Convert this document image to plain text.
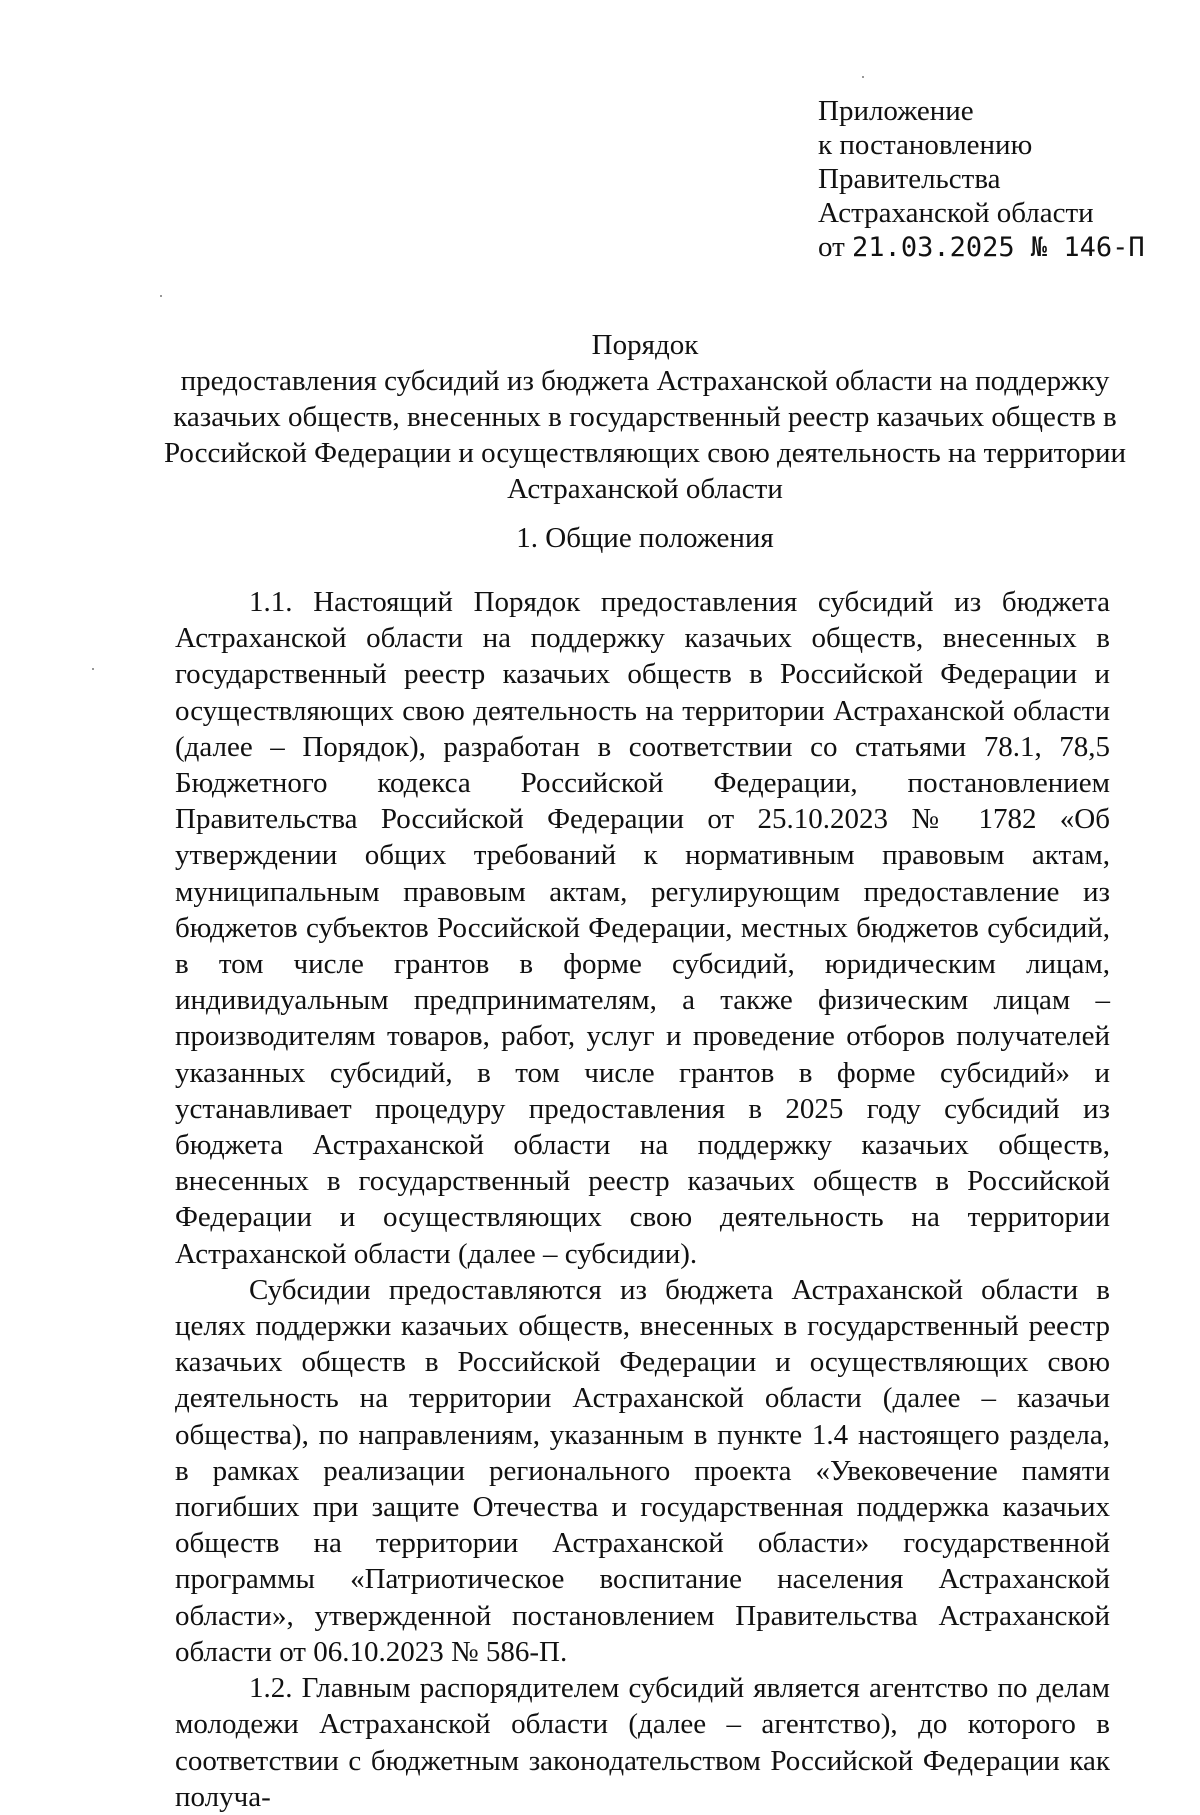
Приложение
к постановлению
Правительства
Астраханской области
от 21.03.2025 № 146-П
Порядок
предоставления субсидий из бюджета Астраханской области на поддержку
казачьих обществ, внесенных в государственный реестр казачьих обществ в
Российской Федерации и осуществляющих свою деятельность на территории
Астраханской области
1. Общие положения

1.1. Настоящий Порядок предоставления субсидий из бюджета Астраханской области на поддержку казачьих обществ, внесенных в государственный реестр казачьих обществ в Российской Федерации и осуществляющих свою деятельность на территории Астраханской области (далее – Порядок), разработан в соответствии со статьями 78.1, 78,5 Бюджетного кодекса Российской Федерации, постановлением Правительства Российской Федерации от 25.10.2023 № 1782 «Об утверждении общих требований к нормативным правовым актам, муниципальным правовым актам, регулирующим предоставление из бюджетов субъектов Российской Федерации, местных бюджетов субсидий, в том числе грантов в форме субсидий, юридическим лицам, индивидуальным предпринимателям, а также физическим лицам – производителям товаров, работ, услуг и проведение отборов получателей указанных субсидий, в том числе грантов в форме субсидий» и устанавливает процедуру предоставления в 2025 году субсидий из бюджета Астраханской области на поддержку казачьих обществ, внесенных в государственный реестр казачьих обществ в Российской Федерации и осуществляющих свою деятельность на территории Астраханской области (далее – субсидии).

Субсидии предоставляются из бюджета Астраханской области в целях поддержки казачьих обществ, внесенных в государственный реестр казачьих обществ в Российской Федерации и осуществляющих свою деятельность на территории Астраханской области (далее – казачьи общества), по направлениям, указанным в пункте 1.4 настоящего раздела, в рамках реализации регионального проекта «Увековечение памяти погибших при защите Отечества и государственная поддержка казачьих обществ на территории Астраханской области» государственной программы «Патриотическое воспитание населения Астраханской области», утвержденной постановлением Правительства Астраханской области от 06.10.2023 № 586-П.

1.2. Главным распорядителем субсидий является агентство по делам молодежи Астраханской области (далее – агентство), до которого в соответствии с бюджетным законодательством Российской Федерации как получа-
